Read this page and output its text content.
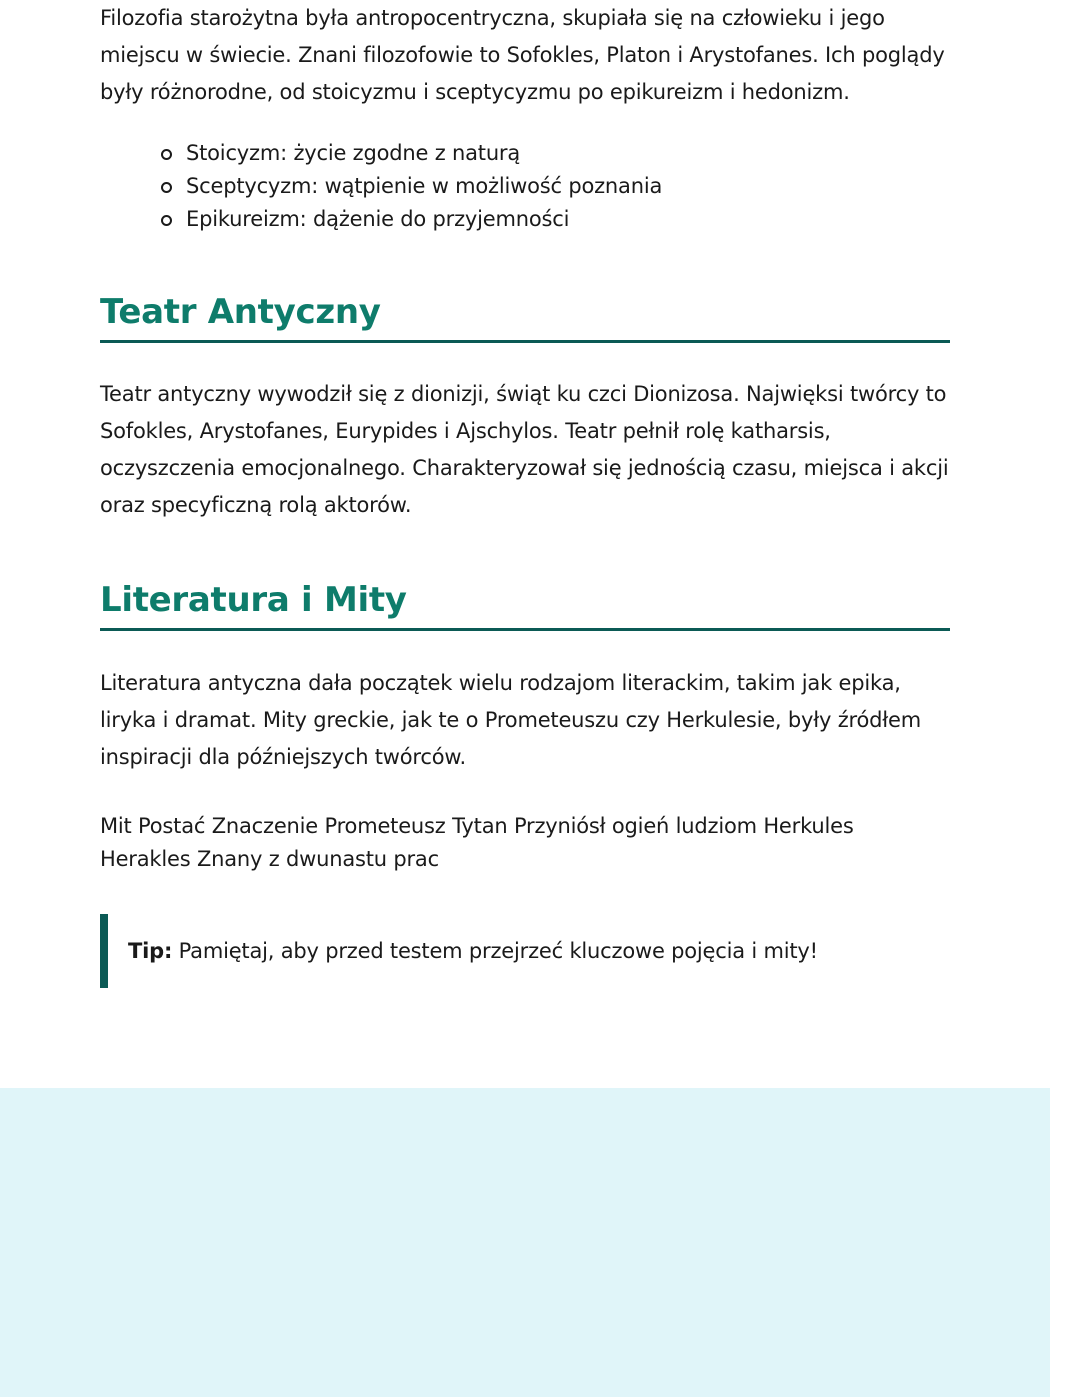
Filozofia starożytna była antropocentryczna, skupiała się na człowieku i jego miejscu w świecie. Znani filozofowie to Sofokles, Platon i Arystofanes. Ich poglądy były różnorodne, od stoicyzmu i sceptycyzmu po epikureizm i hedonizm.

Stoicyzm: życie zgodne z naturą
Sceptycyzm: wątpienie w możliwość poznania
Epikureizm: dążenie do przyjemności
Teatr Antyczny

Teatr antyczny wywodził się z dionizji, świąt ku czci Dionizosa. Najwięksi twórcy to Sofokles, Arystofanes, Eurypides i Ajschylos. Teatr pełnił rolę katharsis, oczyszczenia emocjonalnego. Charakteryzował się jednością czasu, miejsca i akcji oraz specyficzną rolą aktorów.

Literatura i Mity

Literatura antyczna dała początek wielu rodzajom literackim, takim jak epika, liryka i dramat. Mity greckie, jak te o Prometeuszu czy Herkulesie, były źródłem inspiracji dla późniejszych twórców.

Mit Postać Znaczenie Prometeusz Tytan Przyniósł ogień ludziom Herkules Herakles Znany z dwunastu prac

Tip: Pamiętaj, aby przed testem przejrzeć kluczowe pojęcia i mity!
